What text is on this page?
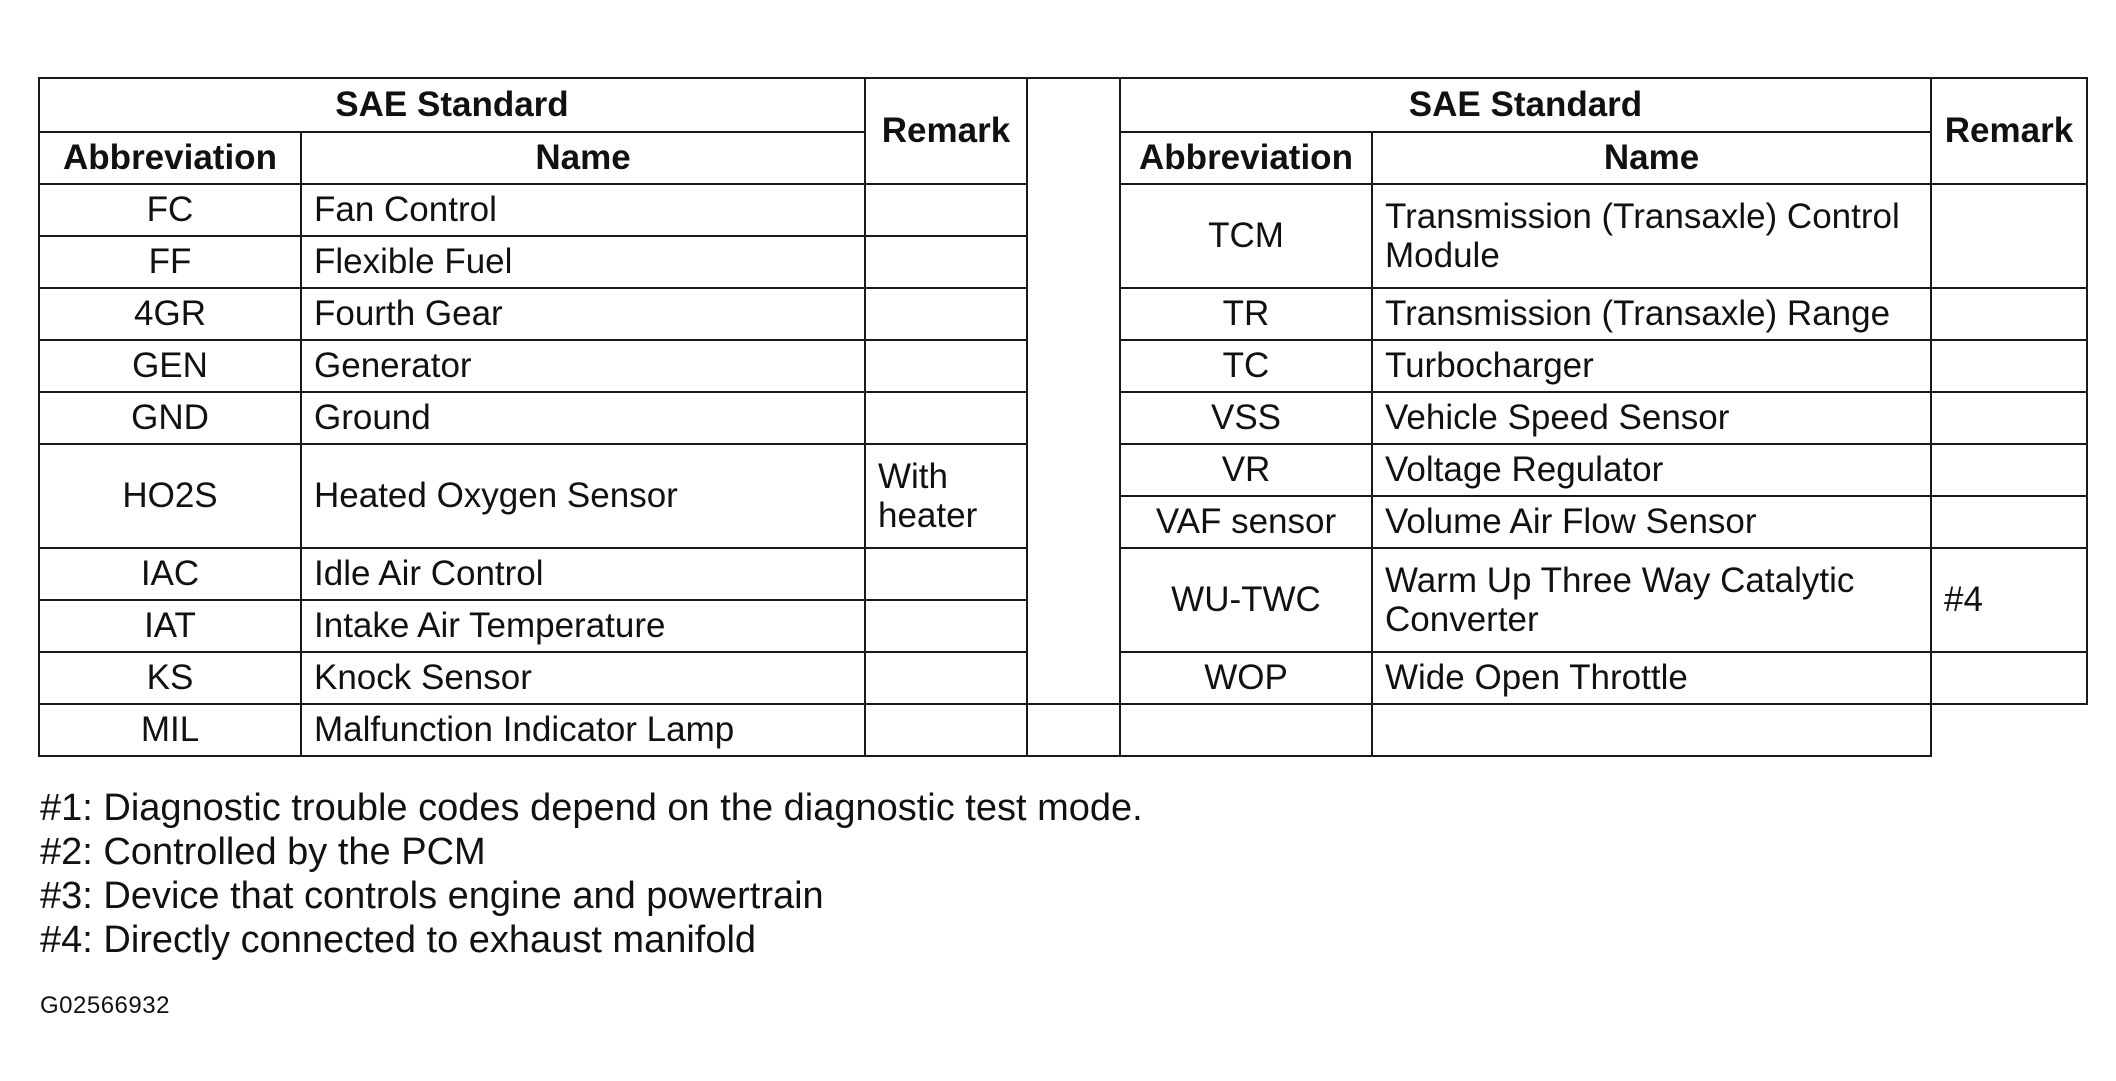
SAE Standard		Remark		SAE Standard		Remark
Abbreviation	Name			Abbreviation	Name	
FC	Fan Control			TCM	Transmission (Transaxle) Control Module	
FF	Flexible Fuel					
4GR	Fourth Gear			TR	Transmission (Transaxle) Range	
GEN	Generator			TC	Turbocharger	
GND	Ground			VSS	Vehicle Speed Sensor	
HO2S	Heated Oxygen Sensor	With heater		VR	Voltage Regulator	
				VAF sensor	Volume Air Flow Sensor	
IAC	Idle Air Control			WU-TWC	Warm Up Three Way Catalytic Converter	#4
IAT	Intake Air Temperature					
KS	Knock Sensor			WOP	Wide Open Throttle	
MIL	Malfunction Indicator Lamp					
#1: Diagnostic trouble codes depend on the diagnostic test mode.
#2: Controlled by the PCM
#3: Device that controls engine and powertrain
#4: Directly connected to exhaust manifold
G02566932
